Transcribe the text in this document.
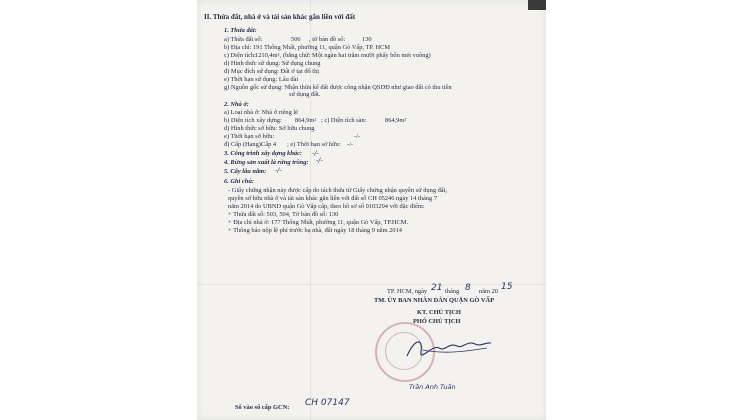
II. Thửa đất, nhà ở và tài sản khác gắn liền với đất
1. Thửa đất:
a) Thửa đất số:	506 , tờ bản đồ số:	130
b) Địa chỉ: 191 Thống Nhất, phường 11, quận Gò Vấp, TP. HCM
c) Diện tích: 1210,4m², (bằng chữ: Một ngàn hai trăm mười phẩy bốn mét vuông)
d) Hình thức sử dụng: Sử dụng chung
đ) Mục đích sử dụng: Đất ở tại đô thị
e) Thời hạn sử dụng: Lâu dài
g) Nguồn gốc sử dụng: Nhận thừa kế đất được công nhận QSDĐ như giao đất có thu tiền
sử dụng đất.
2. Nhà ở:
a) Loại nhà ở: Nhà ở riêng lẻ
b) Diện tích xây dựng: 864,9m² ; c) Diện tích sàn:	864,9m²
d) Hình thức sở hữu: Sở hữu chung
e) Thời hạn sở hữu:	-/-
đ) Cấp (Hạng):
Cấp 4 ; e) Thời hạn sở hữu: -/-
3. Công trình xây dựng khác: -/-
4. Rừng sản xuất là rừng trồng: -/-
5. Cây lâu năm: -/-
6. Ghi chú:
- Giấy chứng nhận này được cấp do tách thửa từ Giấy chứng nhận quyền sử dụng đất,
quyền sở hữu nhà ở và tài sản khác gắn liền với đất số CH 05246 ngày 14 tháng 7
năm 2014 do UBND quận Gò Vấp cấp, theo hồ sơ số 0103294 với đặc điểm:
+ Thửa đất số: 503, 504, Tờ bản đồ số: 130
+ Địa chỉ nhà ở: 177 Thống Nhất, phường 11, quận Gò Vấp, TP.HCM.
+ Thông báo nộp lệ phí trước bạ nhà, đất ngày 18 tháng 9 năm 2014
TP. HCM, ngày 21 tháng 8 năm 20 15
TM. ỦY BAN NHÂN DÂN QUẬN GÒ VẤP
KT. CHỦ TỊCH
PHÓ CHỦ TỊCH
Trần Anh Tuấn
Số vào sổ cấp GCN: CH 07147
